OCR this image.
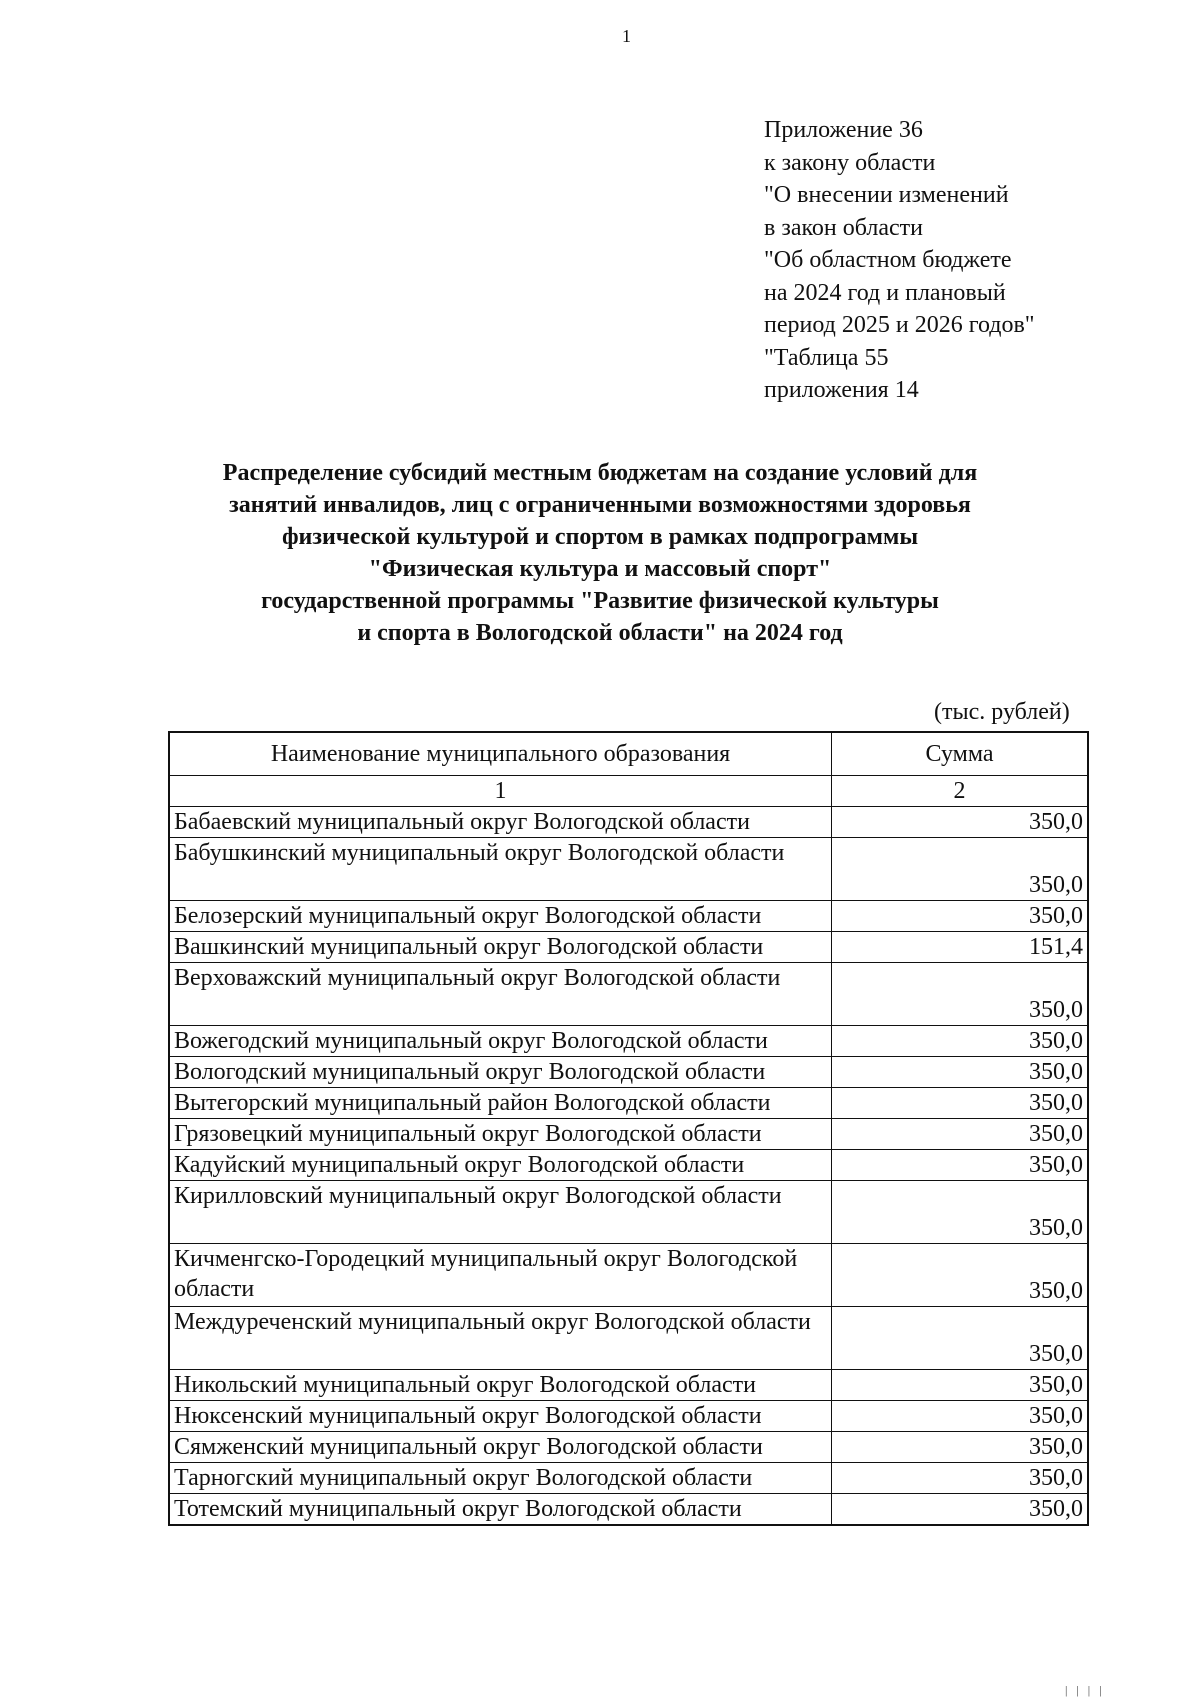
1
Приложение 36
к закону области
"О внесении изменений
в закон области
"Об областном бюджете
на 2024 год и плановый
период 2025 и 2026 годов"
"Таблица 55
приложения 14
Распределение субсидий местным бюджетам на создание условий для
занятий инвалидов, лиц с ограниченными возможностями здоровья
физической культурой и спортом в рамках подпрограммы
"Физическая культура и массовый спорт"
государственной программы "Развитие физической культуры
и спорта в Вологодской области" на 2024 год
(тыс. рублей)
Наименование муниципального образования	Сумма
1	2
Бабаевский муниципальный округ Вологодской области	350,0
Бабушкинский муниципальный округ Вологодской области	350,0
Белозерский муниципальный округ Вологодской области	350,0
Вашкинский муниципальный округ Вологодской области	151,4
Верховажский муниципальный округ Вологодской области	350,0
Вожегодский муниципальный округ Вологодской области	350,0
Вологодский муниципальный округ Вологодской области	350,0
Вытегорский муниципальный район Вологодской области	350,0
Грязовецкий муниципальный округ Вологодской области	350,0
Кадуйский муниципальный округ Вологодской области	350,0
Кирилловский муниципальный округ Вологодской области	350,0
Кичменгско-Городецкий муниципальный округ Вологодской области	350,0
Междуреченский муниципальный округ Вологодской области	350,0
Никольский муниципальный округ Вологодской области	350,0
Нюксенский муниципальный округ Вологодской области	350,0
Сямженский муниципальный округ Вологодской области	350,0
Тарногский муниципальный округ Вологодской области	350,0
Тотемский муниципальный округ Вологодской области	350,0
| | | |
